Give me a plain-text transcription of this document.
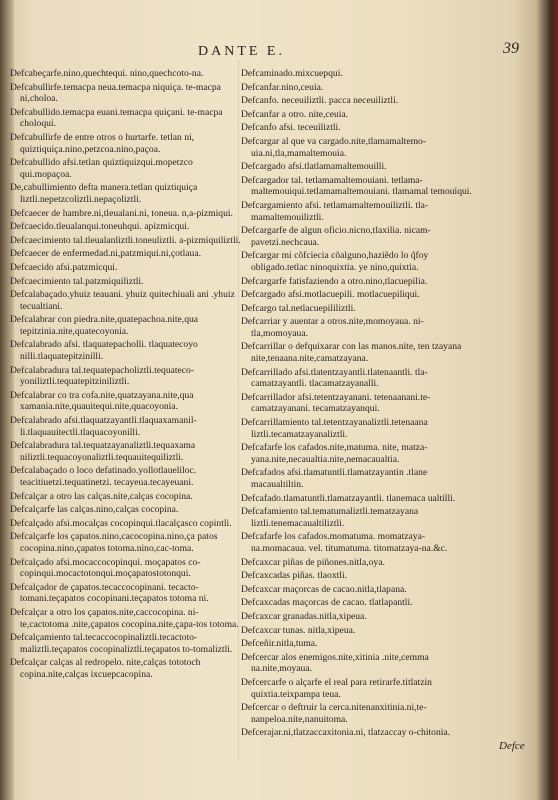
DANTE E.	39
Defcabeçarfe.nino,quechtequi. nino,quechcoto-na.
Defcabullirfe.temacpa neua.temacpa niquiça. te-macpa ni,choloa.
Defcabullido.temacpa euani.temacpa quiçani. te-macpa choloqui.
Defcabullirfe de entre otros o hurtarfe. tetlan ni, quiztiquiça.nino,petzcoa.nino,paçoa.
Defcabullido afsi.tetlan quiztiquizqui.mopetzco qui.mopaçoa.
De,cabullimiento defta manera.tetlan quiztiquiça liztli.nepetzcoliztli.nepaçoliztli.
Defcaecer de hambre.ni,tleualani.ni, toneua. n,a-pizmiqui.
Defcaecido.tleualanqui.toneuhqui. apizmicqui.
Defcaecimiento tal.tleualanliztli.toneuliztli. a-pizmiquiliztli.
Defcaecer de enfermedad.ni,patzmiqui.ni,çotlaua.
Defcaecido afsi.patzmicqui.
Defcaecimiento tal.patzmiquiliztli.
Defcalabaçado.yhuiz teauani. yhuiz quitechiuali ani .yhuiz tecualtiani.
Defcalabrar con piedra.nite,quatepachoa.nite,qua tepitzinia.nite,quatecoyonia.
Defcalabrado afsi. tlaquatepacholli. tlaquatecoyo nilli.tlaquatepitzinilli.
Defcalabradura tal.tequatepacholiztli.tequateco-yoniliztli.tequatepitziniliztli.
Defcalabrar co tra cofa.nite,quatzayana.nite,qua xamania.nite,quauitequi.nite,quacoyonia.
Defcalabrado afsi.tlaquatzayantli.tlaquaxamanil-li.tlaquauitectli.tlaquacoyonilli.
Defcalabradura tal.tequatzayanaliztli.tequaxama niliztli.tequacoyonaliztli.tequauitequiliztli.
Defcalabaçado o loco defatinado.yollotlaueliloc. teacitiuetzi.tequatinetzi. tecayeua.tecayeuani.
Defcalçar a otro las calças.nite,calças cocopina.
Defcalçarfe las calças.nino,calças cocopina.
Defcalçado afsi.mocalças cocopinqui.tlacalçasco copintli.
Defcalçarfe los çapatos.nino,cacocopina.nino,ça patos cocopina.nino,çapatos totoma.nino,cac-toma.
Defcalçado afsi.mocaccocopinqui. moçapatos co-copinqui.mocactotonqui.moçapatostotonqui.
Defcalçador de çapatos.tecaccocopinani. tecacto-tomani.teçapatos cocopinani.teçapatos totoma ni.
Defcalçar a otro los çapatos.nite,caccocopina. ni-te,cactotoma .nite,çapatos cocopina.nite,çapa-tos totoma.
Defcalçamiento tal.tecaccocopinaliztli.tecactoto-maliztli.teçapatos cocopinaliztli.teçapatos to-tomaliztli.
Defcalçar calças al redropelo. nite,calças tototoch copina.nite,calças ixcuepcacopina.
Defcaminado.mixcuepqui.
Defcanfar.nino,ceuia.
Defcanfo. neceuiliztli. pacca neceuiliztli.
Defcanfar a otro. nite,ceuia.
Defcanfo afsi. teceuiliztli.
Defcargar al que va cargado.nite,tlamamaltemo-uia.ni,tla,mamaltemouia.
Defcargado afsi.tlatlamamaltemouilli.
Defcargador tal. tetlamamaltemouiani. tetlama-maltemouiqui.tetlamamaltemouiani. tlamamal temouiqui.
Defcargamiento afsi. tetlamamaltemouiliztli. tla-mamaltemouiliztli.
Defcargarfe de algun oficio.nicno,tlaxilia. nicam-pavetzi.nechcaua.
Defcargar mi cõfciecia cõalguno,haziẽdo lo q̃foy obligado.tetlac ninoquixtia. ye nino,quixtia.
Defcargarfe fatisfaziendo a otro.nino,tlacuepilia.
Defcargado afsi.motlacuepili. motlacuepiliqui.
Defcargo tal.netlacuepililiztli.
Defcarriar y auentar a otros.nite,momoyaua. ni-tla,momoyaua.
Defcarrillar o defquixarar con las manos.nite, ten tzayana nite,tenaana.nite,camatzayana.
Defcarrillado afsi.tlatentzayantli.tlatenaantli. tla-camatzayantli. tlacamatzayanalli.
Defcarrillador afsi.tetentzayanani. tetenaanani.te-camatzayanani. tecamatzayanqui.
Defcarrillamiento tal.tetentzayanaliztli.tetenaana liztli.tecamatzayanaliztli.
Defcafarfe los cafados.nite,matuma. nite, matza-yana.nite,necaualtia.nite,nemacaualtia.
Defcafados afsi.tlamatuntli.tlamatzayantin .tlane macaualtiltin.
Defcafado.tlamatuntli.tlamatzayantli. tlanemaca ualtilli.
Defcafamiento tal.tematumaliztli.tematzayana liztli.tenemacaualtiliztli.
Defcafarfe los cafados.momatuma. momatzaya-na.momacaua. vel. titumatuma. titomatzaya-na.&c.
Defcaxcar piñas de piñones.nitla,oya.
Defcaxcadas piñas. tlaoxtli.
Defcaxcar maçorcas de cacao.nitla,tlapana.
Defcaxcadas maçorcas de cacao. tlatlapantli.
Defcaxcar granadas.nitla,xipeua.
Defcaxcar tunas. nitla,xipeua.
Defceñir.nitla,tuma.
Defcercar alos enemigos.nite,xitinia .nite,cemma na.nite,moyaua.
Defcercarfe o alçarfe el real para retirarfe.titlatzin quixtia.teixpampa teua.
Defcercar o deftruir la cerca.nitenanxitinia.ni,te-nanpeloa.nite,nanuitoma.
Defcerajar.ni,tlatzaccaxitonia.ni, tlatzaccay o-chitonia.
Defce
